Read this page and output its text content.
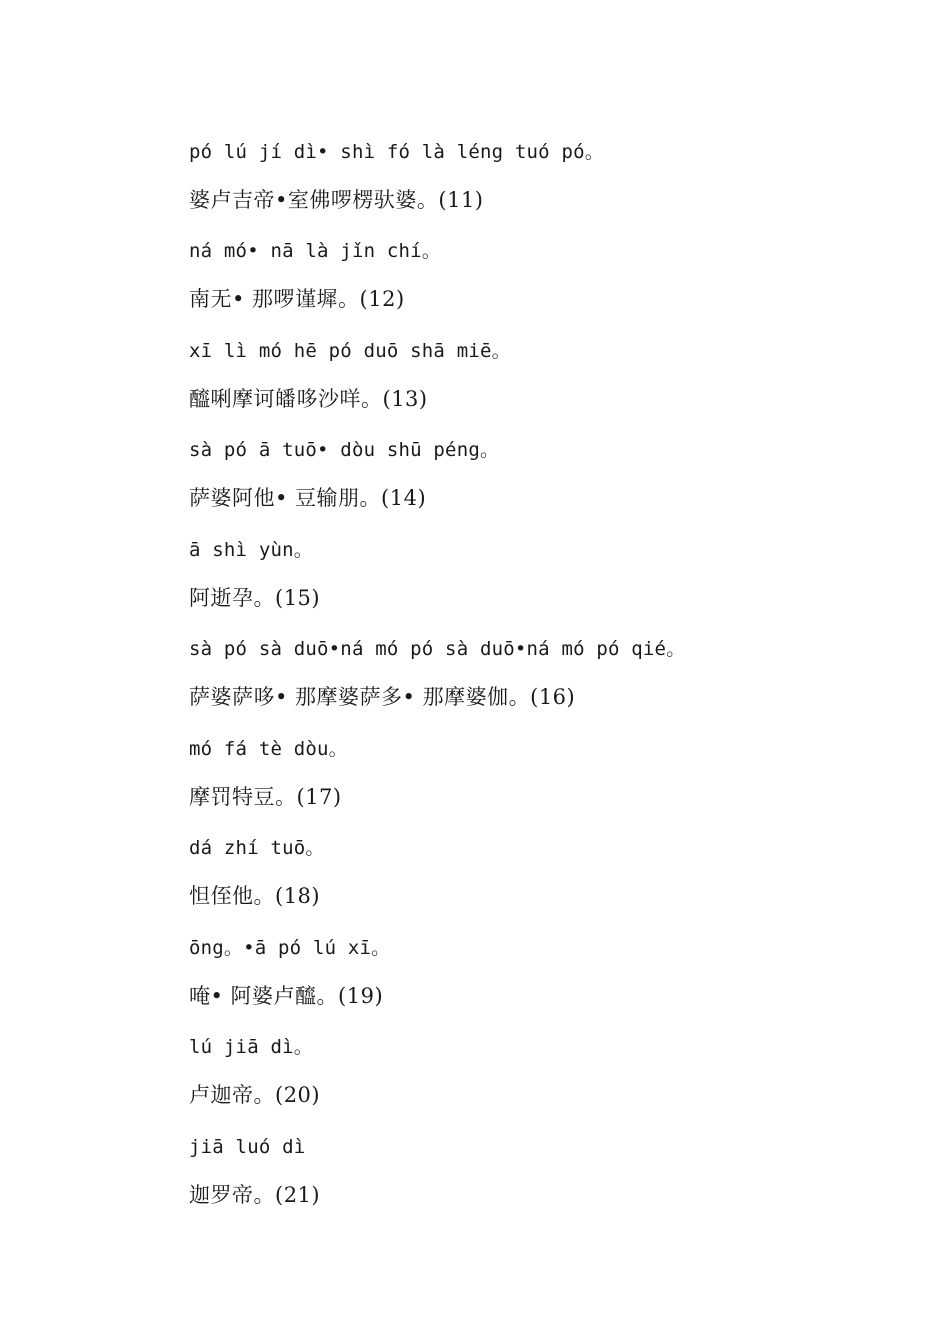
pó lú jí dì• shì fó là léng tuó pó。
婆卢吉帝•室佛啰楞驮婆。(11)
ná mó• nā là jǐn chí。
南无• 那啰谨墀。(12)
xī lì mó hē pó duō shā miē。
醯唎摩诃皤哆沙咩。(13)
sà pó ā tuō• dòu shū péng。
萨婆阿他• 豆输朋。(14)
ā shì yùn。
阿逝孕。(15)
sà pó sà duō•ná mó pó sà duō•ná mó pó qié。
萨婆萨哆• 那摩婆萨多• 那摩婆伽。(16)
mó fá tè dòu。
摩罚特豆。(17)
dá zhí tuō。
怛侄他。(18)
ōng。•ā pó lú xī。
唵• 阿婆卢醯。(19)
lú jiā dì。
卢迦帝。(20)
jiā luó dì
迦罗帝。(21)
